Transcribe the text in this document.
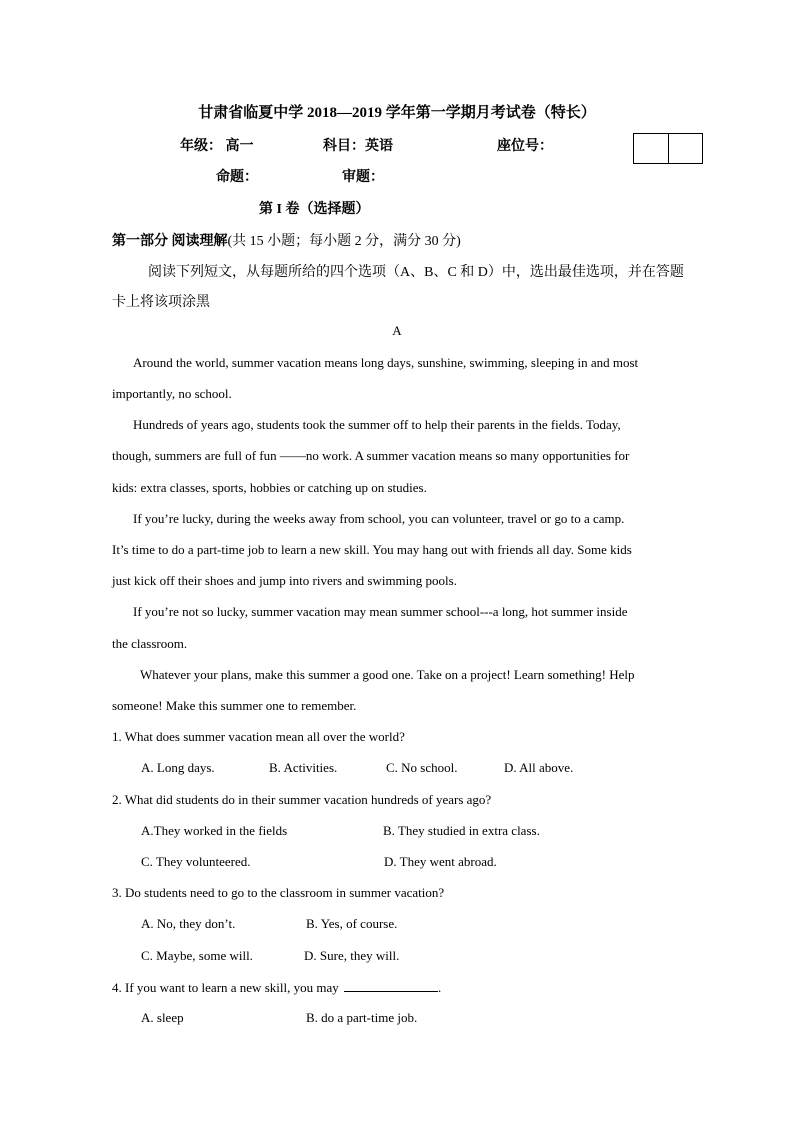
甘肃省临夏中学 2018—2019 学年第一学期月考试卷（特长）
年级： 高一	科目：英语	座位号：
命题：	审题：
第 I 卷（选择题）
第一部分 阅读理解(共 15 小题；每小题 2 分，满分 30 分)
阅读下列短文，从每题所给的四个选项（A、B、C 和 D）中，选出最佳选项，并在答题
卡上将该项涂黑
A
Around the world, summer vacation means long days, sunshine, swimming, sleeping in and most
importantly, no school.
Hundreds of years ago, students took the summer off to help their parents in the fields. Today,
though, summers are full of fun ——no work. A summer vacation means so many opportunities for
kids: extra classes, sports, hobbies or catching up on studies.
If you’re lucky, during the weeks away from school, you can volunteer, travel or go to a camp.
It’s time to do a part-time job to learn a new skill. You may hang out with friends all day. Some kids
just kick off their shoes and jump into rivers and swimming pools.
If you’re not so lucky, summer vacation may mean summer school---a long, hot summer inside
the classroom.
Whatever your plans, make this summer a good one. Take on a project! Learn something! Help
someone! Make this summer one to remember.
1. What does summer vacation mean all over the world?
A. Long days.	B. Activities.	C. No school.	D. All above.
2. What did students do in their summer vacation hundreds of years ago?
A.They worked in the fields	B. They studied in extra class.
C. They volunteered.	D. They went abroad.
3. Do students need to go to the classroom in summer vacation?
A. No, they don’t.	B. Yes, of course.
C. Maybe, some will.	D. Sure, they will.
4. If you want to learn a new skill, you may	.
A. sleep	B. do a part-time job.
